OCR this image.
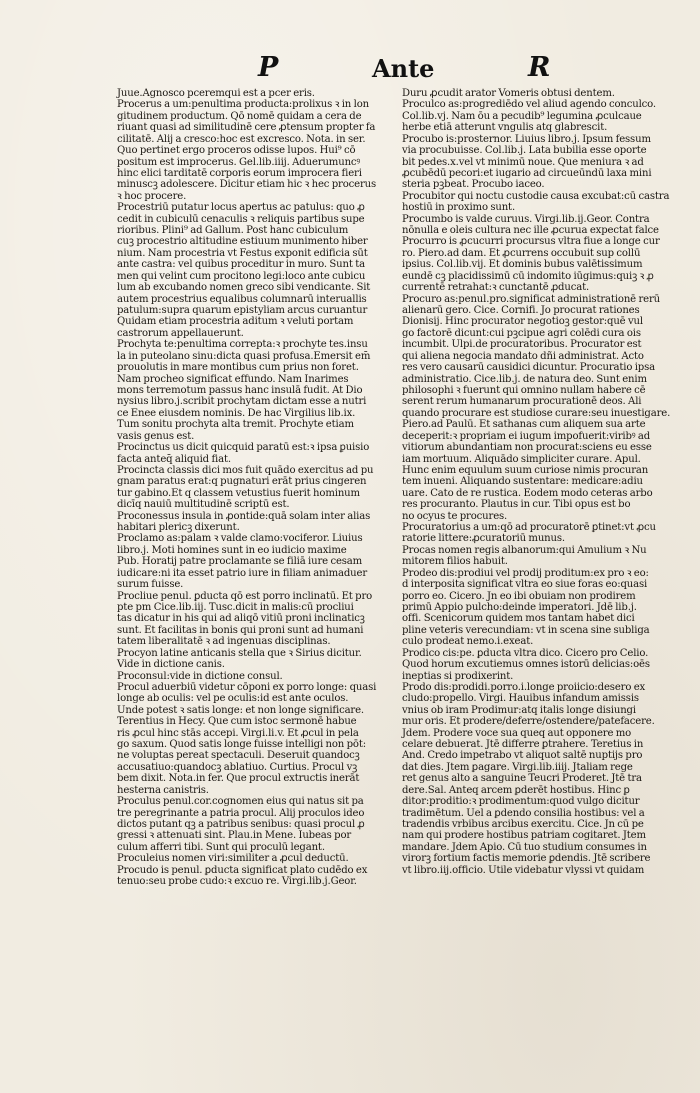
P	Ante	R
Juue.Agnosco pceremqui est a pcer eris.
Procerus a um:penultima producta:prolixus ꝛ in lon
gitudinem productum. Qō nomē quidam a cera de
riuant quasi ad similitudinē cere ꝓtensum propter fa
cilitatē. Alij a cresco:hoc est excresco. Nota. in ser.
Quo pertinet ergo proceros odisse lupos. Hui⁹ cō
positum est improcerus. Gel.lib.iiij. Aduerumuncꝰ
hinc elici tarditatē corporis eorum improcera fieri
minuscꝫ adolescere. Dicitur etiam hic ꝛ hec procerus
ꝛ hoc procere.
Procestriū putatur locus apertus ac patulus: quo ꝓ
cedit in cubiculū cenaculis ꝛ reliquis partibus supe
rioribus. Plini⁹ ad Gallum. Post hanc cubiculum
cuꝫ procestrio altitudine estiuum munimento hiber
nium. Nam procestria vt Festus exponit edificia sūt
ante castra: vel quibus proceditur in muro. Sunt ta
men qui velint cum procitono legi:loco ante cubicu
lum ab excubando nomen greco sibi vendicante. Sit
autem procestrius equalibus columnarū interuallis
patulum:supra quarum epistyliam arcus curuantur
Quidam etiam procestria aditum ꝛ veluti portam
castrorum appellauerunt.
Prochyta te:penultima correpta:ꝛ prochyte tes.insu
la in puteolano sinu:dicta quasi profusa.Emersit em̄
prouolutis in mare montibus cum prius non foret.
Nam procheo significat effundo. Nam Inarimes
mons terremotum passus hanc insulā fudit. At Dio
nysius libro.j.scribit prochytam dictam esse a nutri
ce Enee eiusdem nominis. De hac Virgilius lib.ix.
Tum sonitu prochyta alta tremit. Prochyte etiam
vasis genus est.
Procinctus us dicit quicquid paratū est:ꝛ ipsa ꝑuisio
facta anteq̄ aliquid fiat.
Procincta classis dici mos fuit quādo exercitus ad pu
gnam paratus erat:q pugnaturi erāt prius cingeren
tur gabino.Et q classem vetustius fuerit hominum
dicīq nauiū multitudinē scriptū est.
Proconessus insula in ꝓontide:quā solam inter alias
habitari plericꝫ dixerunt.
Proclamo as:palam ꝛ valde clamo:vociferor. Liuius
libro.j. Moti homines sunt in eo iudicio maxime
Pub. Horatij patre proclamante se filiā iure cesam
iudicare:ni ita esset patrio iure in filiam animaduer
surum fuisse.
Procliue penul. ꝑducta qō est porro inclinatū. Et pro
pte pm Cice.lib.iij. Tusc.dicit in malis:cū procliui
tas dicatur in his qui ad aliqō vitiū proni inclinaticꝫ
sunt. Et facilitas in bonis qui proni sunt ad humani
tatem liberalitatē ꝛ ad ingenuas disciplinas.
Procyon latine anticanis stella que ꝛ Sirius dicitur.
Vide in dictione canis.
Proconsul:vide in dictione consul.
Procul aduerbiū videtur cōponi ex porro longe: quasi
longe ab oculis: vel pe oculis:id est ante oculos.
Unde potest ꝛ satis longe: et non longe significare.
Terentius in Hecy. Que cum istoc sermonē habue
ris ꝓcul hinc stās accepi. Virgi.li.v. Et ꝓcul in pela
go saxum. Quod satis longe fuisse intelligi non pōt:
ne voluptas pereat spectaculi. Deseruit quandocꝫ
accusatiuo:quandocꝫ ablatiuo. Curtius. Procul vꝫ
bem dixit. Nota.in fer. Que procul extructis inerāt
hesterna canistris.
Proculus penul.cor.cognomen eius qui natus sit pa
tre peregrinante a patria procul. Alij proculos ideo
dictos putant qꝫ a patribus senibus: quasi procul ꝓ
gressi ꝛ attenuati sint. Plau.in Mene. Iubeas por
culum afferri tibi. Sunt qui proculū legant.
Proculeius nomen viri:similiter a ꝓcul deductū.
Procudo is penul. ꝑducta significat plato cudēdo ex
tenuo:seu probe cudo:ꝛ excuo re. Virgi.lib.j.Geor.
Duru ꝓcudit arator Vomeris obtusi dentem.
Proculco as:progrediēdo vel aliud agendo conculco.
Col.lib.vj. Nam ōu a pecudib⁹ legumina ꝓculcaue
herbe etiā atterunt vngulis atq glabrescit.
Procubo is:prosternor. Liuius libro.j. Ipsum fessum
via procubuisse. Col.lib.j. Lata bubilia esse oporte
bit pedes.x.vel vt minimū noue. Que meniura ꝛ ad
ꝓcubēdū pecori:et iugario ad circueūndū laxa mini
steria pꝫbeat. Procubo iaceo.
Procubitor qui noctu custodie causa excubat:cū castra
hostiū in proximo sunt.
Procumbo is valde curuus. Virgi.lib.ij.Geor. Contra
nōnulla e oleis cultura nec ille ꝓcurua expectat falce
Procurro is ꝓcucurri procursus vltra fiue a longe cur
ro. Piero.ad dam. Et ꝓcurrens occubuit sup collū
ipsius. Col.lib.vij. Et dominis bubus valētissimum
eundē cꝫ placidissimū cū indomito iūgimus:quiꝫ ꝛ ꝓ
currentē retrahat:ꝛ cunctantē ꝓducat.
Procuro as:penul.pro.significat administrationē rerū
alienarū gero. Cice. Cornifi. Jo procurat rationes
Dionisij. Hinc procurator negotioꝫ gestor:quē vul
go factorē dicunt:cui pꝫcipue agri colēdi cura ois
incumbit. Ulpi.de procuratoribus. Procurator est
qui aliena negocia mandato dñi administrat. Acto
res vero causarū causidici dicuntur. Procuratio ipsa
administratio. Cice.lib.j. de natura deo. Sunt enim
philosophi ꝛ fuerunt qui omnino nullam habere cē
serent rerum humanarum procurationē deos. Ali
quando procurare est studiose curare:seu inuestigare.
Piero.ad Paulū. Et sathanas cum aliquem sua arte
deceperit:ꝛ propriam ei iugum impofuerit:viribꝰ ad
vitiorum abundantiam non procurat:sciens eu esse
iam mortuum. Aliquādo simpliciter curare. Apul.
Hunc enim equulum suum curiose nimis procuran
tem inueni. Aliquando sustentare: medicare:adiu
uare. Cato de re rustica. Eodem modo ceteras arbo
res procuranto. Plautus in cur. Tibi opus est bo
no ocyus te procures.
Procuratorius a um:qō ad procuratorē ꝑtinet:vt ꝓcu
ratorie littere:ꝓcuratoriū munus.
Procas nomen regis albanorum:qui Amulium ꝛ Nu
mitorem filios habuit.
Prodeo dis:prodiui vel prodij proditum:ex pro ꝛ eo:
d interposita significat vltra eo siue foras eo:quasi
porro eo. Cicero. Jn eo ibi obuiam non prodirem
primū Appio pulcho:deinde imperatori. Jdē lib.j.
offi. Scenicorum quidem mos tantam habet dici
pline veteris verecundiam: vt in scena sine subliga
culo prodeat nemo.i.exeat.
Prodico cis:pe. ꝑducta vltra dico. Cicero pro Celio.
Quod horum excutiemus omnes istorū delicias:oēs
ineptias si prodixerint.
Prodo dis:prodidi.porro.i.longe proiicio:desero ex
cludo:propello. Virgi. Hauibus infandum amissis
vnius ob iram Prodimur:atq italis longe disiungi
mur oris. Et prodere/deferre/ostendere/patefacere.
Jdem. Prodere voce sua queq aut opponere mo
celare debuerat. Jtē differre ꝑtrahere. Teretius in
And. Credo impetrabo vt aliquot saltē nuptijs pro
dat dies. Jtem ꝑagare. Virgi.lib.iiij. Jtaliam rege
ret genus alto a sanguine Teucri Proderet. Jtē tra
dere.Sal. Anteq arcem ꝑderēt hostibus. Hinc ꝑ
ditor:proditio:ꝛ prodimentum:quod vulgo dicitur
tradimētum. Uel a ꝑdendo consilia hostibus: vel a
tradendis vrbibus arcibus exercitu. Cice. Jn cū pe
nam qui prodere hostibus patriam cogitaret. Jtem
mandare. Jdem Apio. Cū tuo studium consumes in
virorꝫ fortium factis memorie ꝑdendis. Jtē scribere
vt libro.iij.officio. Utile videbatur vlyssi vt quidam
